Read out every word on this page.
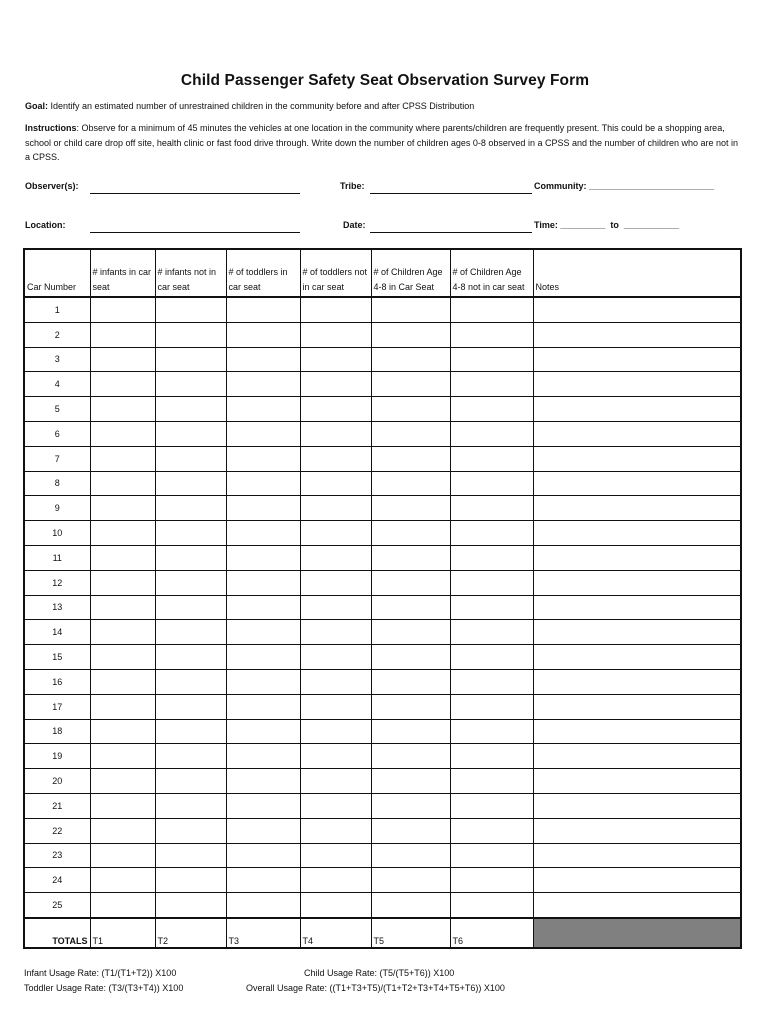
Child Passenger Safety Seat Observation Survey Form
Goal: Identify an estimated number of unrestrained children in the community before and after CPSS Distribution
Instructions: Observe for a minimum of 45 minutes the vehicles at one location in the community where parents/children are frequently present. This could be a shopping area, school or child care drop off site, health clinic or fast food drive through. Write down the number of children ages 0-8 observed in a CPSS and the number of children who are not in a CPSS.
Observer(s):	Tribe:	Community: _________________________
Location:	Date:	Time: _________  to  ___________
Car Number	# infants in car seat	# infants not in car seat	# of toddlers in car seat	# of toddlers not in car seat	# of Children Age 4-8 in Car Seat	# of Children Age 4-8 not in car seat	Notes
1							
2							
3							
4							
5							
6							
7							
8							
9							
10							
11							
12							
13							
14							
15							
16							
17							
18							
19							
20							
21							
22							
23							
24							
25							
TOTALS	T1	T2	T3	T4	T5	T6	
Infant Usage Rate: (T1/(T1+T2)) X100
Toddler Usage Rate: (T3/(T3+T4)) X100
Child Usage Rate: (T5/(T5+T6)) X100
Overall Usage Rate: ((T1+T3+T5)/(T1+T2+T3+T4+T5+T6)) X100
